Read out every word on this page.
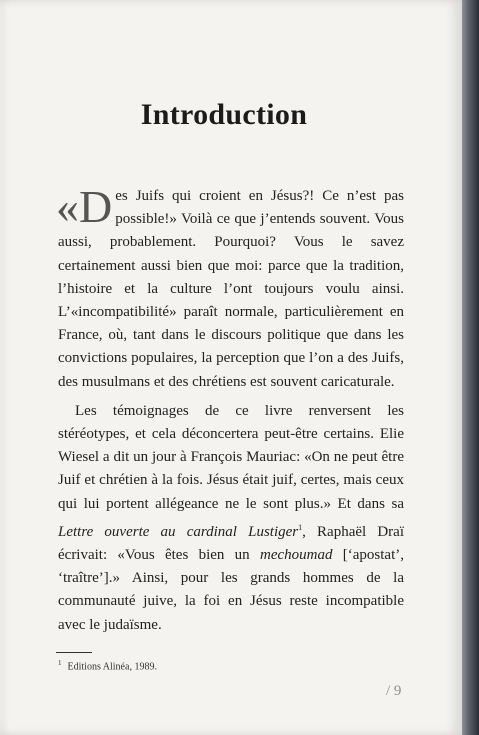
Introduction

«D es Juifs qui croient en Jésus?! Ce n’est pas possible!» Voilà ce que j’entends souvent. Vous aussi, probablement. Pourquoi? Vous le savez certainement aussi bien que moi: parce que la tradition, l’histoire et la culture l’ont toujours voulu ainsi. L’«incompatibilité» paraît normale, particulièrement en France, où, tant dans le discours politique que dans les convictions populaires, la perception que l’on a des Juifs, des musulmans et des chrétiens est souvent caricaturale.

Les témoignages de ce livre renversent les stéréotypes, et cela déconcertera peut-être certains. Elie Wiesel a dit un jour à François Mauriac: «On ne peut être Juif et chrétien à la fois. Jésus était juif, certes, mais ceux qui lui portent allégeance ne le sont plus.» Et dans sa Lettre ouverte au cardinal Lustiger$^1$, Raphaël Draï écrivait: «Vous êtes bien un mechoumad [‘apostat’, ‘traître’].» Ainsi, pour les grands hommes de la communauté juive, la foi en Jésus reste incompatible avec le judaïsme.

$^1$ Editions Alinéa, 1989.
/ 9
